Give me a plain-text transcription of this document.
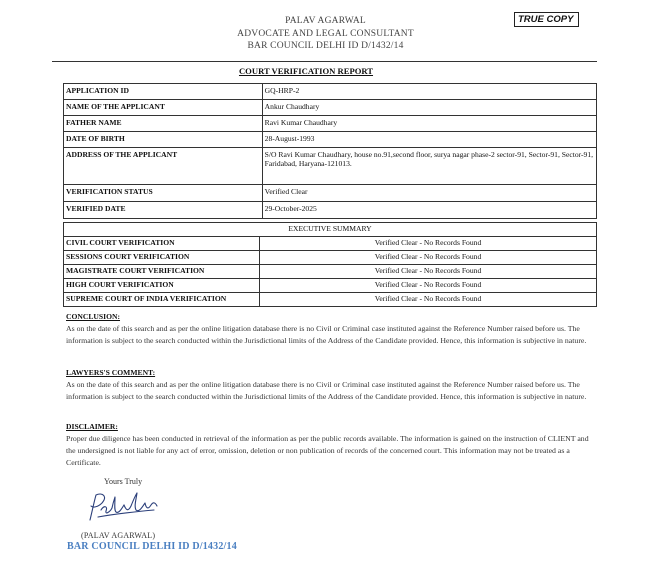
PALAV AGARWAL
ADVOCATE AND LEGAL CONSULTANT
BAR COUNCIL DELHI ID D/1432/14
TRUE COPY
COURT VERIFICATION REPORT
APPLICATION ID	GQ-HRP-2
NAME OF THE APPLICANT	Ankur Chaudhary
FATHER NAME	Ravi Kumar Chaudhary
DATE OF BIRTH	28-August-1993
ADDRESS OF THE APPLICANT	S/O Ravi Kumar Chaudhary, house no.91,second floor, surya nagar phase-2 sector-91, Sector-91, Sector-91, Faridabad, Haryana-121013.
VERIFICATION STATUS	Verified Clear
VERIFIED DATE	29-October-2025
EXECUTIVE SUMMARY	
CIVIL COURT VERIFICATION	Verified Clear - No Records Found
SESSIONS COURT VERIFICATION	Verified Clear - No Records Found
MAGISTRATE COURT VERIFICATION	Verified Clear - No Records Found
HIGH COURT VERIFICATION	Verified Clear - No Records Found
SUPREME COURT OF INDIA VERIFICATION	Verified Clear - No Records Found
CONCLUSION:
As on the date of this search and as per the online litigation database there is no Civil or Criminal case instituted against the Reference Number raised before us. The information is subject to the search conducted within the Jurisdictional limits of the Address of the Candidate provided. Hence, this information is subjective in nature.
LAWYERS'S COMMENT:
As on the date of this search and as per the online litigation database there is no Civil or Criminal case instituted against the Reference Number raised before us. The information is subject to the search conducted within the Jurisdictional limits of the Address of the Candidate provided. Hence, this information is subjective in nature.
DISCLAIMER:
Proper due diligence has been conducted in retrieval of the information as per the public records available. The information is gained on the instruction of CLIENT and the undersigned is not liable for any act of error, omission, deletion or non publication of records of the concerned court. This information may not be treated as a Certificate.
Yours Truly
(PALAV AGARWAL)
BAR COUNCIL DELHI ID D/1432/14
